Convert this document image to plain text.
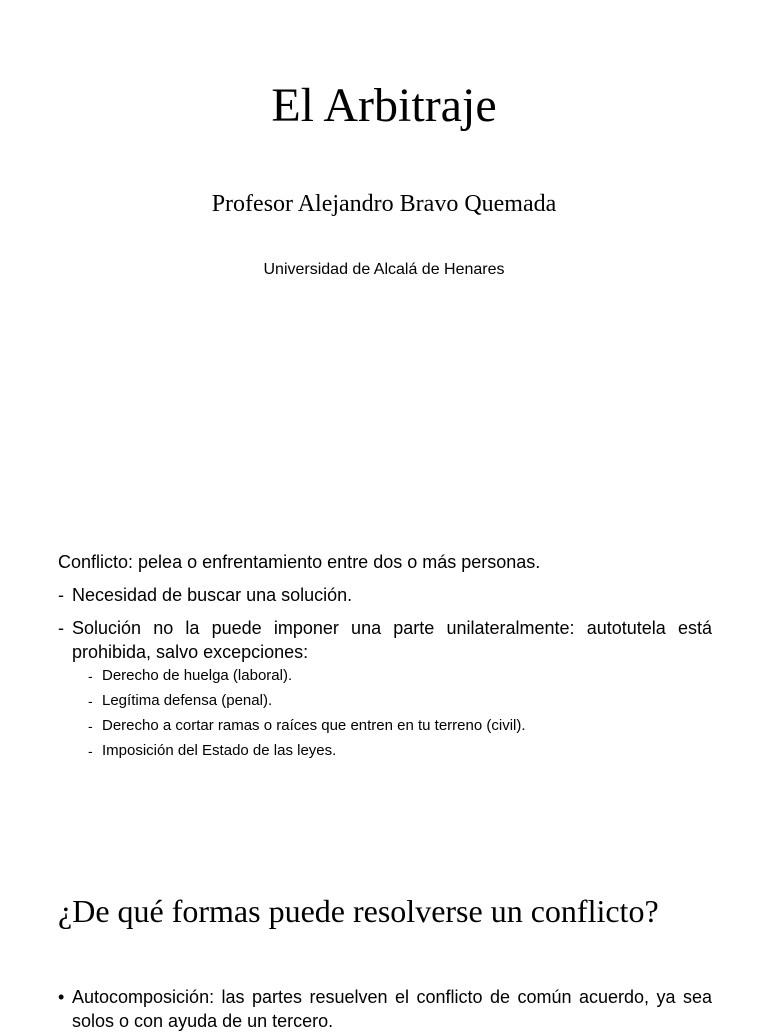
El Arbitraje
Profesor Alejandro Bravo Quemada
Universidad de Alcalá de Henares
Conflicto: pelea o enfrentamiento entre dos o más personas.
- Necesidad de buscar una solución.
- Solución no la puede imponer una parte unilateralmente: autotutela está prohibida, salvo excepciones:
- Derecho de huelga (laboral).
- Legítima defensa (penal).
- Derecho a cortar ramas o raíces que entren en tu terreno (civil).
- Imposición del Estado de las leyes.
¿De qué formas puede resolverse un conflicto?
• Autocomposición: las partes resuelven el conflicto de común acuerdo, ya sea solos o con ayuda de un tercero.
